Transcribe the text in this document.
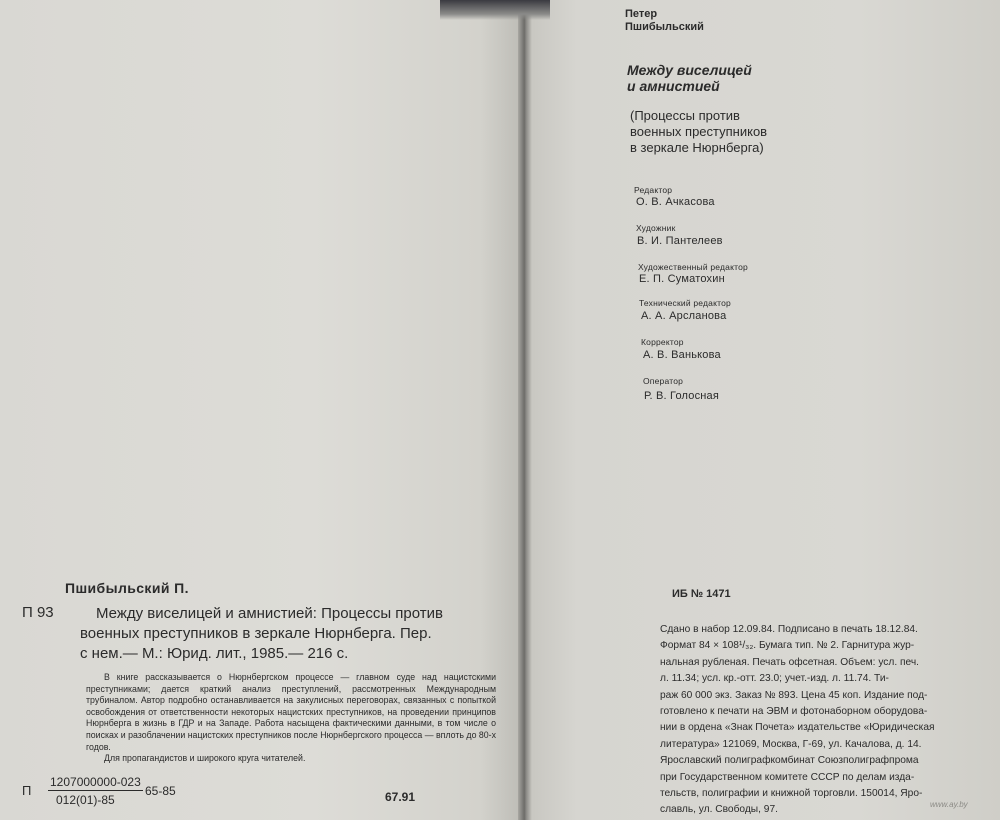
Пшибыльский П.
П 93	Между виселицей и амнистией: Процессы против
военных преступников в зеркале Нюрнберга. Пер.
с нем.— М.: Юрид. лит., 1985.— 216 с.
В книге рассказывается о Нюрнбергском процессе — главном суде над нацистскими преступниками; дается краткий анализ преступлений, рассмотренных Международным трубиналом. Автор подробно останавливается на закулисных переговорах, связанных с попыткой освобождения от ответственности некоторых нацистских преступников, на проведении принципов Нюрнберга в жизнь в ГДР и на Западе. Работа насыщена фактическими данными, в том числе о поисках и разоблачении нацистских преступников после Нюрнбергского процесса — вплоть до 80-х годов.
Для пропагандистов и широкого круга читателей.
П
1207000000-023
012(01)-85
65-85	67.91
Петер
Пшибыльский
Между виселицей
и амнистией
(Процессы против
военных преступников
в зеркале Нюрнберга)
Редактор
О. В. Ачкасова
Художник
В. И. Пантелеев
Художественный редактор
Е. П. Суматохин
Технический редактор
А. А. Арсланова
Корректор
А. В. Ванькова
Оператор
Р. В. Голосная
ИБ № 1471
Сдано в набор 12.09.84. Подписано в печать 18.12.84.
Формат 84 × 108¹/₃₂. Бумага тип. № 2. Гарнитура жур-
нальная рубленая. Печать офсетная. Объем: усл. печ.
л. 11.34; усл. кр.-отт. 23.0; учет.-изд. л. 11.74. Ти-
раж 60 000 экз. Заказ № 893. Цена 45 коп. Издание под-
готовлено к печати на ЭВМ и фотонаборном оборудова-
нии в ордена «Знак Почета» издательстве «Юридическая
литература» 121069, Москва, Г-69, ул. Качалова, д. 14.
Ярославский полиграфкомбинат Союзполиграфпрома
при Государственном комитете СССР по делам изда-
тельств, полиграфии и книжной торговли. 150014, Яро-
славль, ул. Свободы, 97.	www.ay.by
